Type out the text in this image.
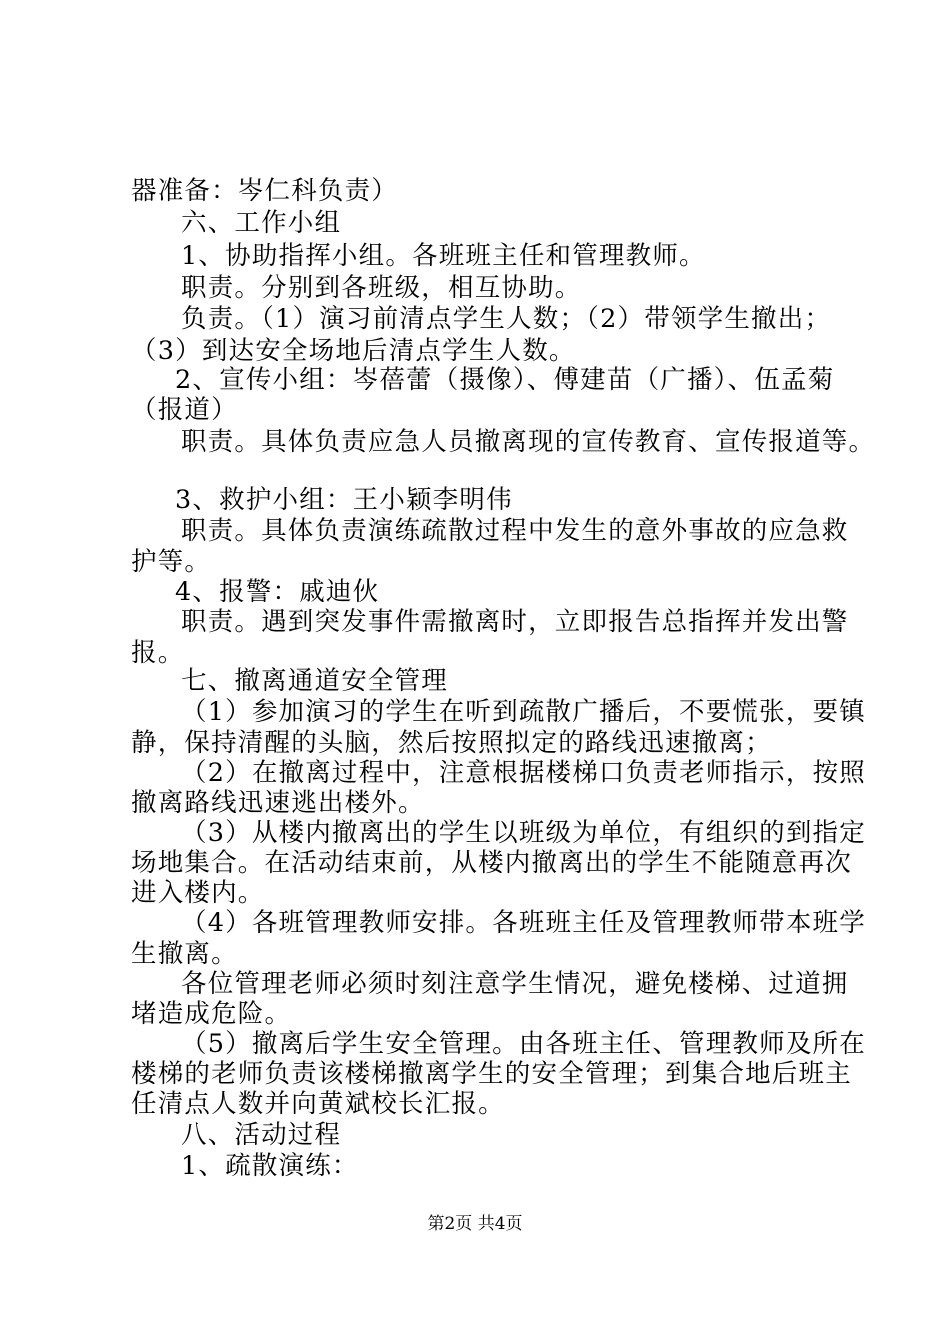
器准备：岑仁科负责）
六、工作小组
1、协助指挥小组。各班班主任和管理教师。
职责。分别到各班级，相互协助。
负责。（1）演习前清点学生人数；（2）带领学生撤出；
（3）到达安全场地后清点学生人数。
2、宣传小组：岑蓓蕾（摄像）、傅建苗（广播）、伍孟菊
（报道）
职责。具体负责应急人员撤离现的宣传教育、宣传报道等。
3、救护小组：王小颖李明伟
职责。具体负责演练疏散过程中发生的意外事故的应急救
护等。
4、报警：戚迪伙
职责。遇到突发事件需撤离时，立即报告总指挥并发出警
报。
七、撤离通道安全管理
（1）参加演习的学生在听到疏散广播后，不要慌张，要镇
静，保持清醒的头脑，然后按照拟定的路线迅速撤离；
（2）在撤离过程中，注意根据楼梯口负责老师指示，按照
撤离路线迅速逃出楼外。
（3）从楼内撤离出的学生以班级为单位，有组织的到指定
场地集合。在活动结束前，从楼内撤离出的学生不能随意再次
进入楼内。
（4）各班管理教师安排。各班班主任及管理教师带本班学
生撤离。
各位管理老师必须时刻注意学生情况，避免楼梯、过道拥
堵造成危险。
（5）撤离后学生安全管理。由各班主任、管理教师及所在
楼梯的老师负责该楼梯撤离学生的安全管理；到集合地后班主
任清点人数并向黄斌校长汇报。
八、活动过程
1、疏散演练：
第2页 共4页
